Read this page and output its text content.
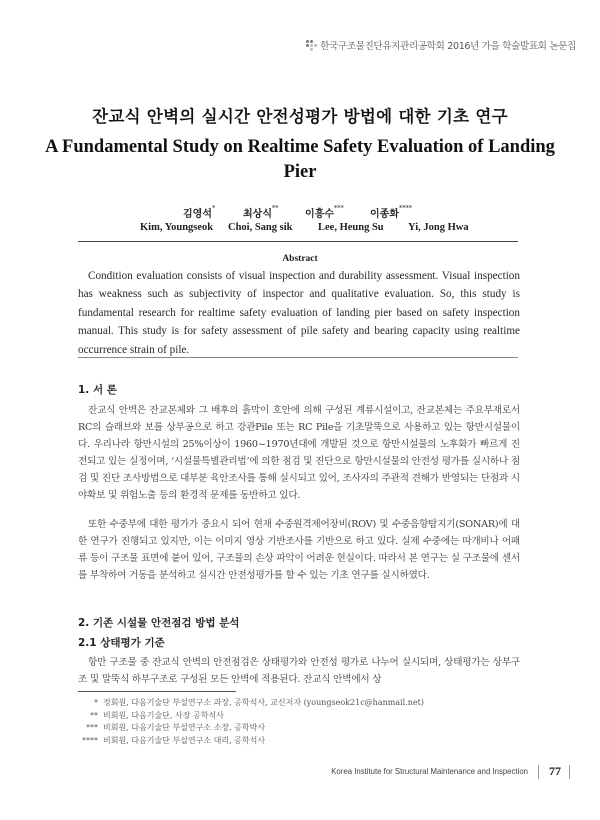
한국구조물진단유지관리공학회 2016년 가을 학술발표회 논문집
잔교식 안벽의 실시간 안전성평가 방법에 대한 기초 연구
A Fundamental Study on Realtime Safety Evaluation of Landing Pier
김영석*
최상식**
이흥수***
이종화****
Kim, Youngseok Choi, Sang sik Lee, Heung Su Yi, Jong Hwa
Abstract
Condition evaluation consists of visual inspection and durability assessment. Visual inspection has weakness such as subjectivity of inspector and qualitative evaluation. So, this study is fundamental research for realtime safety evaluation of landing pier based on safety inspection manual. This study is for safety assessment of pile safety and bearing capacity using realtime occurrence strain of pile.
1. 서 론
잔교식 안벽은 잔교본체와 그 배후의 흙막이 호안에 의해 구성된 계류시설이고, 잔교본체는 주요부재로서 RC의 슬래브와 보를 상부공으로 하고 강관Pile 또는 RC Pile을 기초말뚝으로 사용하고 있는 항만시설물이다. 우리나라 항만시설의 25%이상이 1960~1970년대에 개발된 것으로 항만시설물의 노후화가 빠르게 진전되고 있는 실정이며, ‘시설물특별관리법’에 의한 점검 및 진단으로 항만시설물의 안전성 평가를 실시하나 점검 및 진단 조사방법으로 대부분 육안조사를 통해 실시되고 있어, 조사자의 주관적 견해가 반영되는 단점과 시야확보 및 위험노출 등의 환경적 문제를 동반하고 있다.
또한 수중부에 대한 평가가 중요시 되어 현재 수중원격제어장비(ROV) 및 수중음향탐지기(SONAR)에 대한 연구가 진행되고 있지만, 이는 이미지 영상 기반조사를 기반으로 하고 있다. 실제 수중에는 따개비나 어패류 등이 구조물 표면에 붙어 있어, 구조물의 손상 파악이 어려운 현실이다. 따라서 본 연구는 실 구조물에 센서를 부착하여 거동을 분석하고 실시간 안전성평가를 할 수 있는 기초 연구를 실시하였다.
2. 기존 시설물 안전점검 방법 분석
2.1 상태평가 기준
항만 구조물 중 잔교식 안벽의 안전점검은 상태평가와 안전성 평가로 나누어 실시되며, 상태평가는 상부구조 및 말뚝식 하부구조로 구성된 모든 안벽에 적용된다. 잔교식 안벽에서 상
* 정회원, 다음기술단 부설연구소 과장, 공학석사, 교신저자 (youngseok21c@hanmail.net)
** 비회원, 다음기술단, 사장 공학석사
*** 비회원, 다음기술단 부설연구소 소장, 공학박사
**** 비회원, 다음기술단 부설연구소 대리, 공학석사
Korea Institute for Structural Maintenance and Inspection 77
